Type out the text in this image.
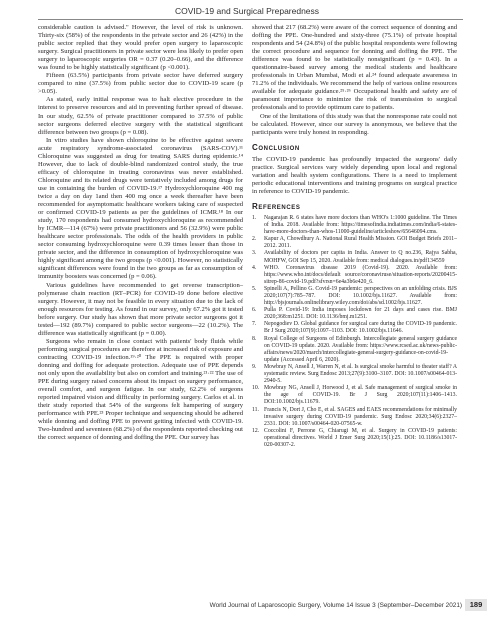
COVID-19 and Surgical Preparedness

considerable caution is advised." However, the level of risk is unknown. Thirty-six (58%) of the respondents in the private sector and 26 (42%) in the public sector replied that they would prefer open surgery to laparoscopic surgery. Surgical practitioners in private sector were less likely to prefer open surgery to laparoscopic surgeries OR = 0.37 (0.20–0.66), and the difference was found to be highly statistically significant (p <0.001).

Fifteen (63.5%) participants from private sector have deferred surgery compared to nine (37.5%) from public sector due to COVID-19 scare (p >0.05).

As stated, early initial response was to halt elective procedure in the interest to preserve resources and aid in preventing further spread of disease. In our study, 62.5% of private practitioner compared to 37.5% of public sector surgeons deferred elective surgery with the statistical significant difference between two groups (p = 0.08).

In vitro studies have shown chloroquine to be effective against severe acute respiratory syndrome-associated coronavirus (SARS-COV).¹¹ Chloroquine was suggested as drug for treating SARS during epidemic.¹⁴ However, due to lack of double-blind randomized control study, the true efficacy of chloroquine in treating coronavirus was never established. Chloroquine and its related drugs were tentatively included among drugs for use in containing the burden of COVID-19.¹⁷ Hydroxychloroquine 400 mg twice a day on day 1and then 400 mg once a week thereafter have been recommended for asymptomatic healthcare workers taking care of suspected or confirmed COVID-19 patients as per the guidelines of ICMR.¹⁸ In our study, 170 respondents had consumed hydroxychloroquine as recommended by ICMR—114 (67%) were private practitioners and 56 (32.9%) were public healthcare sector professionals. The odds of the health providers in public sector consuming hydroxychloroquine were 0.39 times lesser than those in private sector, and the difference in consumption of hydroxychloroquine was highly significant among the two groups (p <0.001). However, no statistically significant differences were found in the two groups as far as consumption of immunity boosters was concerned (p = 0.06).

Various guidelines have recommended to get reverse transcription–polymerase chain reaction (RT–PCR) for COVID-19 done before elective surgery. However, it may not be feasible in every situation due to the lack of enough resources for testing. As found in our survey, only 67.2% got it tested before surgery. Our study has shown that more private sector surgeons got it tested—192 (89.7%) compared to public sector surgeons—22 (10.2%). The difference was statistically significant (p = 0.00).

Surgeons who remain in close contact with patients' body fluids while performing surgical procedures are therefore at increased risk of exposure and contracting COVID-19 infection.¹⁹·²⁰ The PPE is required with proper donning and doffing for adequate protection. Adequate use of PPE depends not only upon the availability but also on comfort and training.²¹·²² The use of PPE during surgery raised concerns about its impact on surgery performance, overall comfort, and surgeon fatigue. In our study, 62.2% of surgeons reported impaired vision and difficulty in performing surgery. Carlos et al. in their study reported that 54% of the surgeons felt hampering of surgery performance with PPE.²³ Proper technique and sequencing should be adhered while donning and doffing PPE to prevent getting infected with COVID-19. Two-hundred and seventeen (68.2%) of the respondents reported checking out the correct sequence of donning and doffing the PPE. Our survey has

showed that 217 (68.2%) were aware of the correct sequence of donning and doffing the PPE. One-hundred and sixty-three (75.1%) of private hospital respondents and 54 (24.8%) of the public hospital respondents were following the correct procedure and sequence for donning and doffing the PPE. The difference was found to be statistically nonsignificant (p = 0.43). In a questionnaire-based survey among the medical students and healthcare professionals in Urban Mumbai, Modi et al.²⁴ found adequate awareness in 71.2% of the individuals. We recommend the help of various online resources available for adequate guidance.²⁵·²⁶ Occupational health and safety are of paramount importance to minimize the risk of transmission to surgical professionals and to provide optimum care to patients.

One of the limitations of this study was that the nonresponse rate could not be calculated. However, since our survey is anonymous, we believe that the participants were truly honest in responding.

Conclusion

The COVID-19 pandemic has profoundly impacted the surgeons' daily practice. Surgical services vary widely depending upon local and regional variation and health system configurations. There is a need to implement periodic educational interventions and training programs on surgical practice in reference to COVID-19 pandemic.

References
1. Nagarajan R. 6 states have more doctors than WHO's 1:1000 guideline. The Times of India. 2018. Available from: https://timesofindia.indiatimes.com/india/6-states-have-more-doctors-than-whos-11000-guideline/articleshow/65646094.cms.
2. Kapur A, Chowdhury A. National Rural Health Mission. GOI Budget Briefs 2011–2012. 2011.
3. Availability of doctors per capita in India. Answer to Q no.236, Rajya Sabha, MOHFW, GOI Sep 15, 2020. Available from: medical dialogues.in/pdf134559
4. WHO. Coronavirus disease 2019 (Covid-19). 2020. Available from: https://www.who.int/docs/default source/coronaviruse/situation-reports/20200415-sitrep-86-covid-19.pdf?sfvrsn=6e4a3b6e420_6.
5. Spinelli A, Pellino G. Covid-19 pandemic: perspectives on an unfolding crisis. BJS 2020;107(7):785–787. DOI: 10.1002/bjs.11627. Available from: http://bjsjournals.onlinelibrary.wiley.com/doi/abs/sd.1002/bjs.11627.
6. Pulla P. Covid-19: India imposes lockdown for 21 days and cases rise. BMJ 2020;368:m1251. DOI: 10.1136/bmj.m1251.
7. Nepogodiev D. Global guidance for surgical care during the COVID-19 pandemic. Br J Surg 2020;107(9):1097–1103. DOI: 10.1002/bjs.11646.
8. Royal College of Surgeons of Edinburgh. Intercollegiate general surgery guidance on COVID-19 update. 2020. Available from: https://www.rcsed.ac.uk/news-public-affairs/news/2020/march/intercollegiate-general-surgery-guidance-on-covid-19-update (Accessed April 6, 2020).
9. Mowbray N, Ansell J, Warren N, et al. Is surgical smoke harmful to theater staff? A systematic review. Surg Endosc 2013;27(9):3100–3107. DOI: 10.1007/s00464-013-2940-5.
10. Mowbray NG, Ansell J, Horwood J, et al. Safe management of surgical smoke in the age of COVID-19. Br J Surg 2020;107(11):1406–1413. DOI:10.1002/bjs.11679.
11. Francis N, Dort J, Cho E, et al. SAGES and EAES recommendations for minimally invasive surgery during COVID-19 pandemic. Surg Endosc 2020;34(6):2327–2331. DOI: 10.1007/s00464-020-07565-w.
12. Coccolini F, Perrone G, Chiarugi M, et al. Surgery in COVID-19 patients: operational directives. World J Emer Surg 2020;15(1):25. DOI: 10.1186/s13017-020-00307-2.
World Journal of Laparoscopic Surgery, Volume 14 Issue 3 (September–December 2021)	189
